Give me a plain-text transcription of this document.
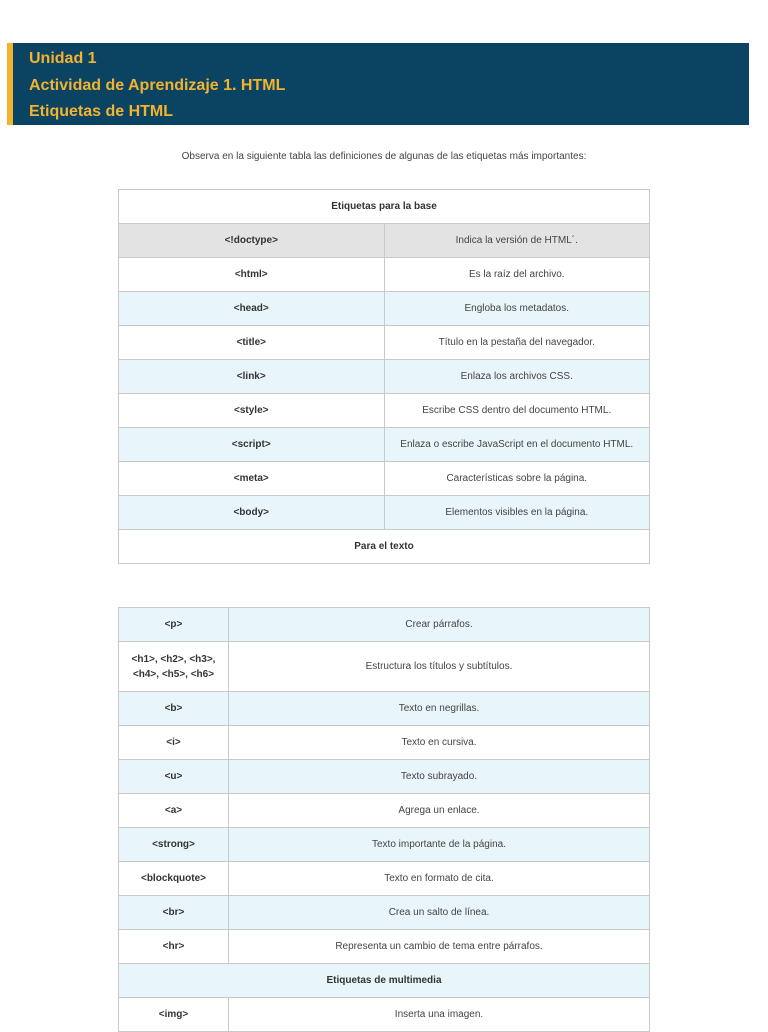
Unidad 1
Actividad de Aprendizaje 1. HTML
Etiquetas de HTML
Observa en la siguiente tabla las definiciones de algunas de las etiquetas más importantes:
Etiquetas para la base	
<!doctype>	Indica la versión de HTML´.
<html>	Es la raíz del archivo.
<head>	Engloba los metadatos.
<title>	Título en la pestaña del navegador.
<link>	Enlaza los archivos CSS.
<style>	Escribe CSS dentro del documento HTML.
<script>	Enlaza o escribe JavaScript en el documento HTML.
<meta>	Características sobre la página.
<body>	Elementos visibles en la página.
Para el texto	
<p>	Crear párrafos.
<h1>, <h2>, <h3>, <h4>, <h5>, <h6>	Estructura los títulos y subtítulos.
<b>	Texto en negrillas.
<i>	Texto en cursiva.
<u>	Texto subrayado.
<a>	Agrega un enlace.
<strong>	Texto importante de la página.
<blockquote>	Texto en formato de cita.
<br>	Crea un salto de línea.
<hr>	Representa un cambio de tema entre párrafos.
Etiquetas de multimedia	
<img>	Inserta una imagen.
